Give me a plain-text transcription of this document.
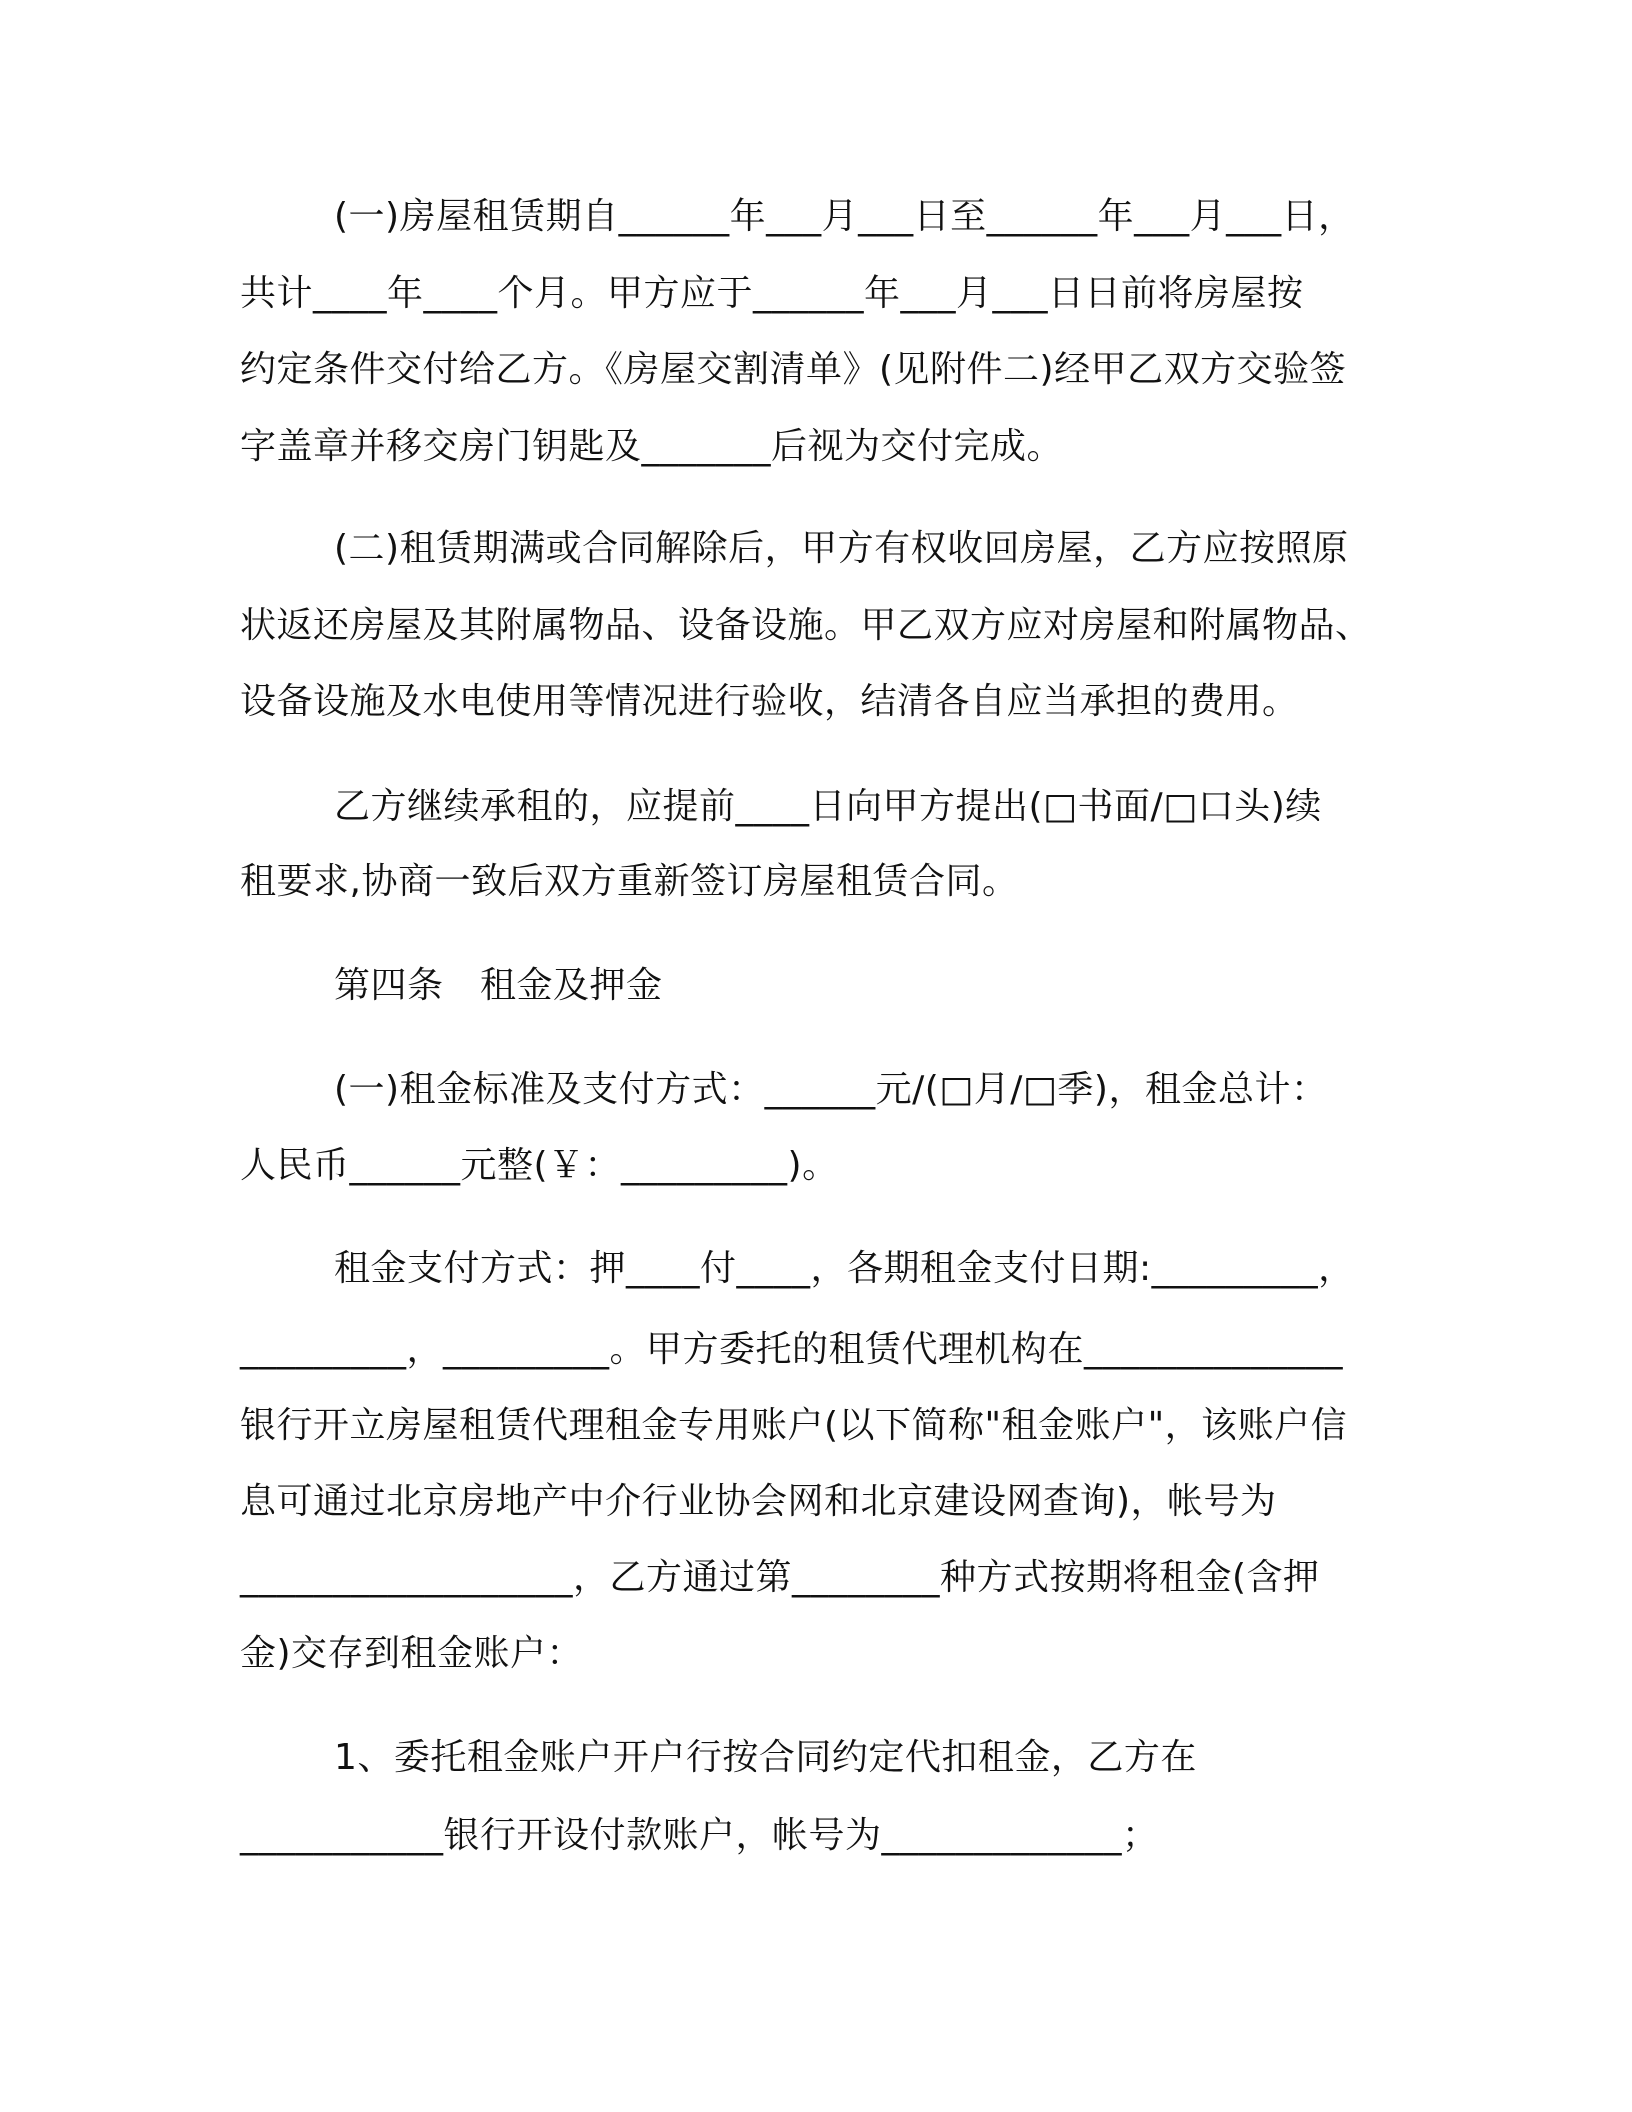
(一)房屋租赁期自______年___月___日至______年___月___日，
共计____年____个月。甲方应于______年___月___日日前将房屋按
约定条件交付给乙方。《房屋交割清单》(见附件二)经甲乙双方交验签
字盖章并移交房门钥匙及_______后视为交付完成。
(二)租赁期满或合同解除后，甲方有权收回房屋，乙方应按照原
状返还房屋及其附属物品、设备设施。甲乙双方应对房屋和附属物品、
设备设施及水电使用等情况进行验收，结清各自应当承担的费用。
乙方继续承租的，应提前____日向甲方提出(□书面/□口头)续
租要求,协商一致后双方重新签订房屋租赁合同。
第四条　租金及押金
(一)租金标准及支付方式：______元/(□月/□季)，租金总计：
人民币______元整(￥：_________)。
租金支付方式：押____付____，各期租金支付日期:_________，
_________，_________。甲方委托的租赁代理机构在______________
银行开立房屋租赁代理租金专用账户(以下简称"租金账户"，该账户信
息可通过北京房地产中介行业协会网和北京建设网查询)，帐号为
__________________，乙方通过第________种方式按期将租金(含押
金)交存到租金账户：
1、委托租金账户开户行按合同约定代扣租金，乙方在
___________银行开设付款账户，帐号为_____________；
